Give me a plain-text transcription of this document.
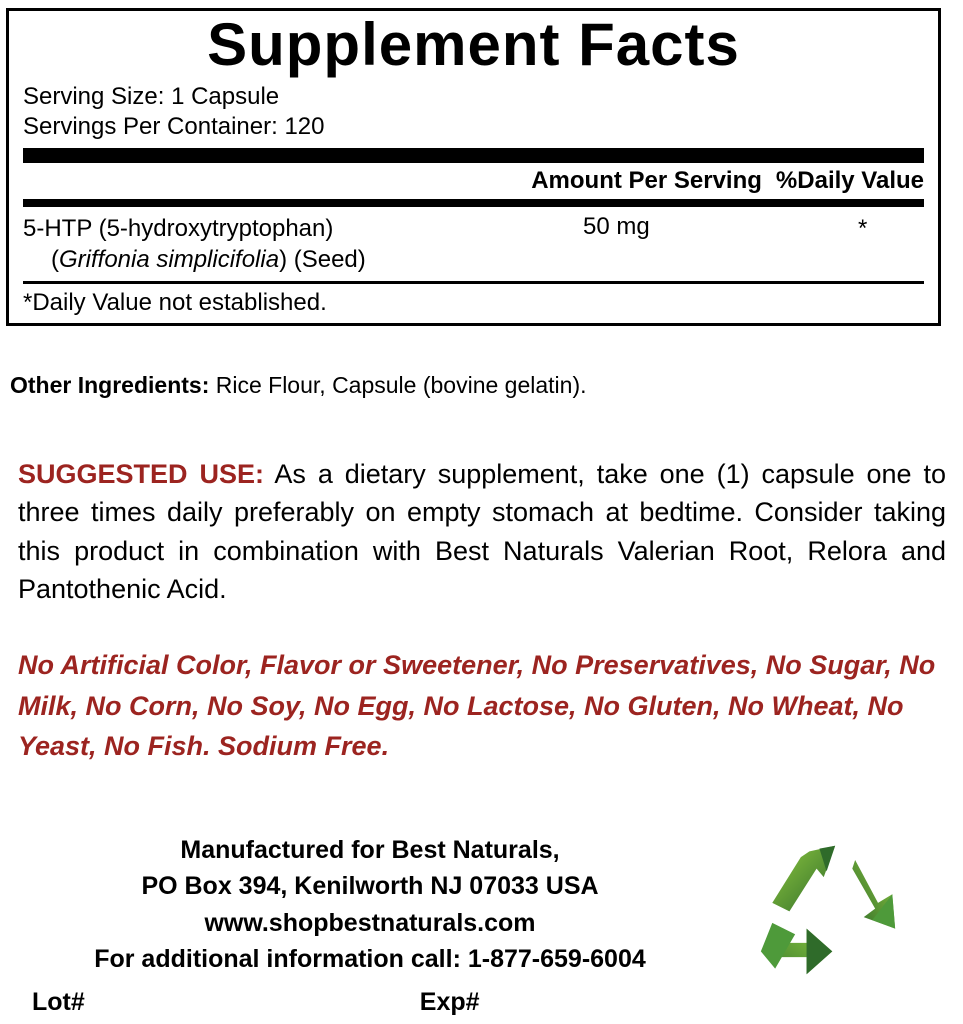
Supplement Facts
Serving Size: 1 Capsule
Servings Per Container: 120
Amount Per Serving %Daily Value
5-HTP (5-hydroxytryptophan)
(Griffonia simplicifolia) (Seed)
50 mg	*
*Daily Value not established.
Other Ingredients: Rice Flour, Capsule (bovine gelatin).
SUGGESTED USE: As a dietary supplement, take one (1) capsule one to three times daily preferably on empty stomach at bedtime. Consider taking this product in combination with Best Naturals Valerian Root, Relora and Pantothenic Acid.
No Artificial Color, Flavor or Sweetener, No Preservatives, No Sugar, No Milk, No Corn, No Soy, No Egg, No Lactose, No Gluten, No Wheat, No Yeast, No Fish. Sodium Free.
Manufactured for Best Naturals,
PO Box 394, Kenilworth NJ 07033 USA
www.shopbestnaturals.com
For additional information call: 1-877-659-6004
Lot#	Exp#
